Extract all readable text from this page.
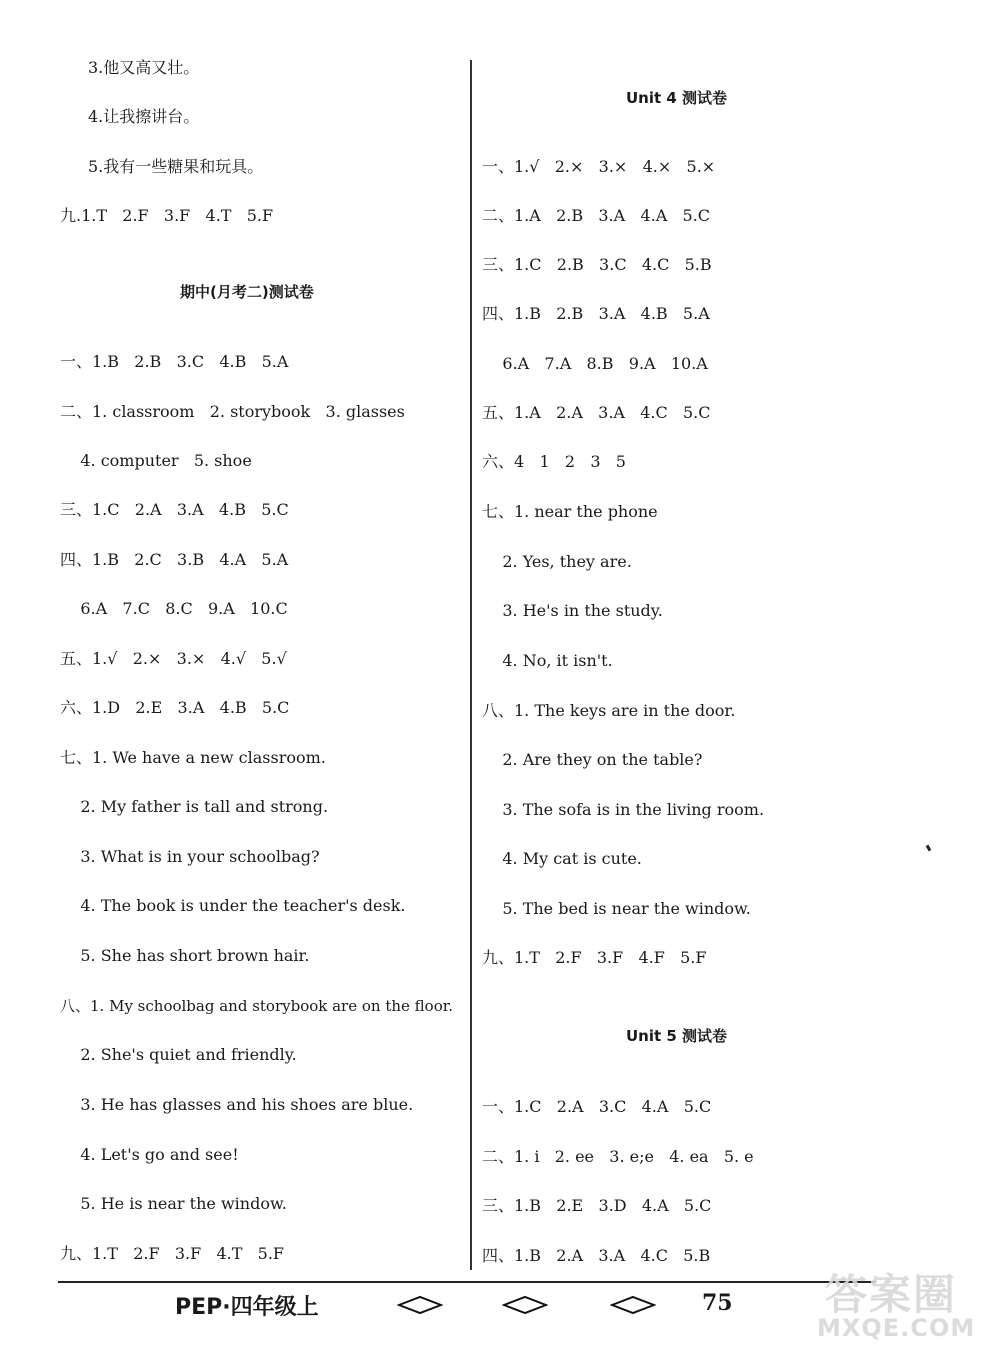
3.他又高又壮。
4.让我擦讲台。
5.我有一些糖果和玩具。
九.1.T   2.F   3.F   4.T   5.F
期中(月考二)测试卷
一、1.B   2.B   3.C   4.B   5.A
二、1. classroom   2. storybook   3. glasses
4. computer   5. shoe
三、1.C   2.A   3.A   4.B   5.C
四、1.B   2.C   3.B   4.A   5.A
6.A   7.C   8.C   9.A   10.C
五、1.√   2.×   3.×   4.√   5.√
六、1.D   2.E   3.A   4.B   5.C
七、1. We have a new classroom.
2. My father is tall and strong.
3. What is in your schoolbag?
4. The book is under the teacher's desk.
5. She has short brown hair.
八、1. My schoolbag and storybook are on the floor.
2. She's quiet and friendly.
3. He has glasses and his shoes are blue.
4. Let's go and see!
5. He is near the window.
九、1.T   2.F   3.F   4.T   5.F
Unit 4 测试卷
一、1.√   2.×   3.×   4.×   5.×
二、1.A   2.B   3.A   4.A   5.C
三、1.C   2.B   3.C   4.C   5.B
四、1.B   2.B   3.A   4.B   5.A
6.A   7.A   8.B   9.A   10.A
五、1.A   2.A   3.A   4.C   5.C
六、4   1   2   3   5
七、1. near the phone
2. Yes, they are.
3. He's in the study.
4. No, it isn't.
八、1. The keys are in the door.
2. Are they on the table?
3. The sofa is in the living room.
4. My cat is cute.
5. The bed is near the window.
九、1.T   2.F   3.F   4.F   5.F
Unit 5 测试卷
一、1.C   2.A   3.C   4.A   5.C
二、1. i   2. ee   3. e;e   4. ea   5. e
三、1.B   2.E   3.D   4.A   5.C
四、1.B   2.A   3.A   4.C   5.B
PEP·四年级上	75 答案圈
MXQE.COM
